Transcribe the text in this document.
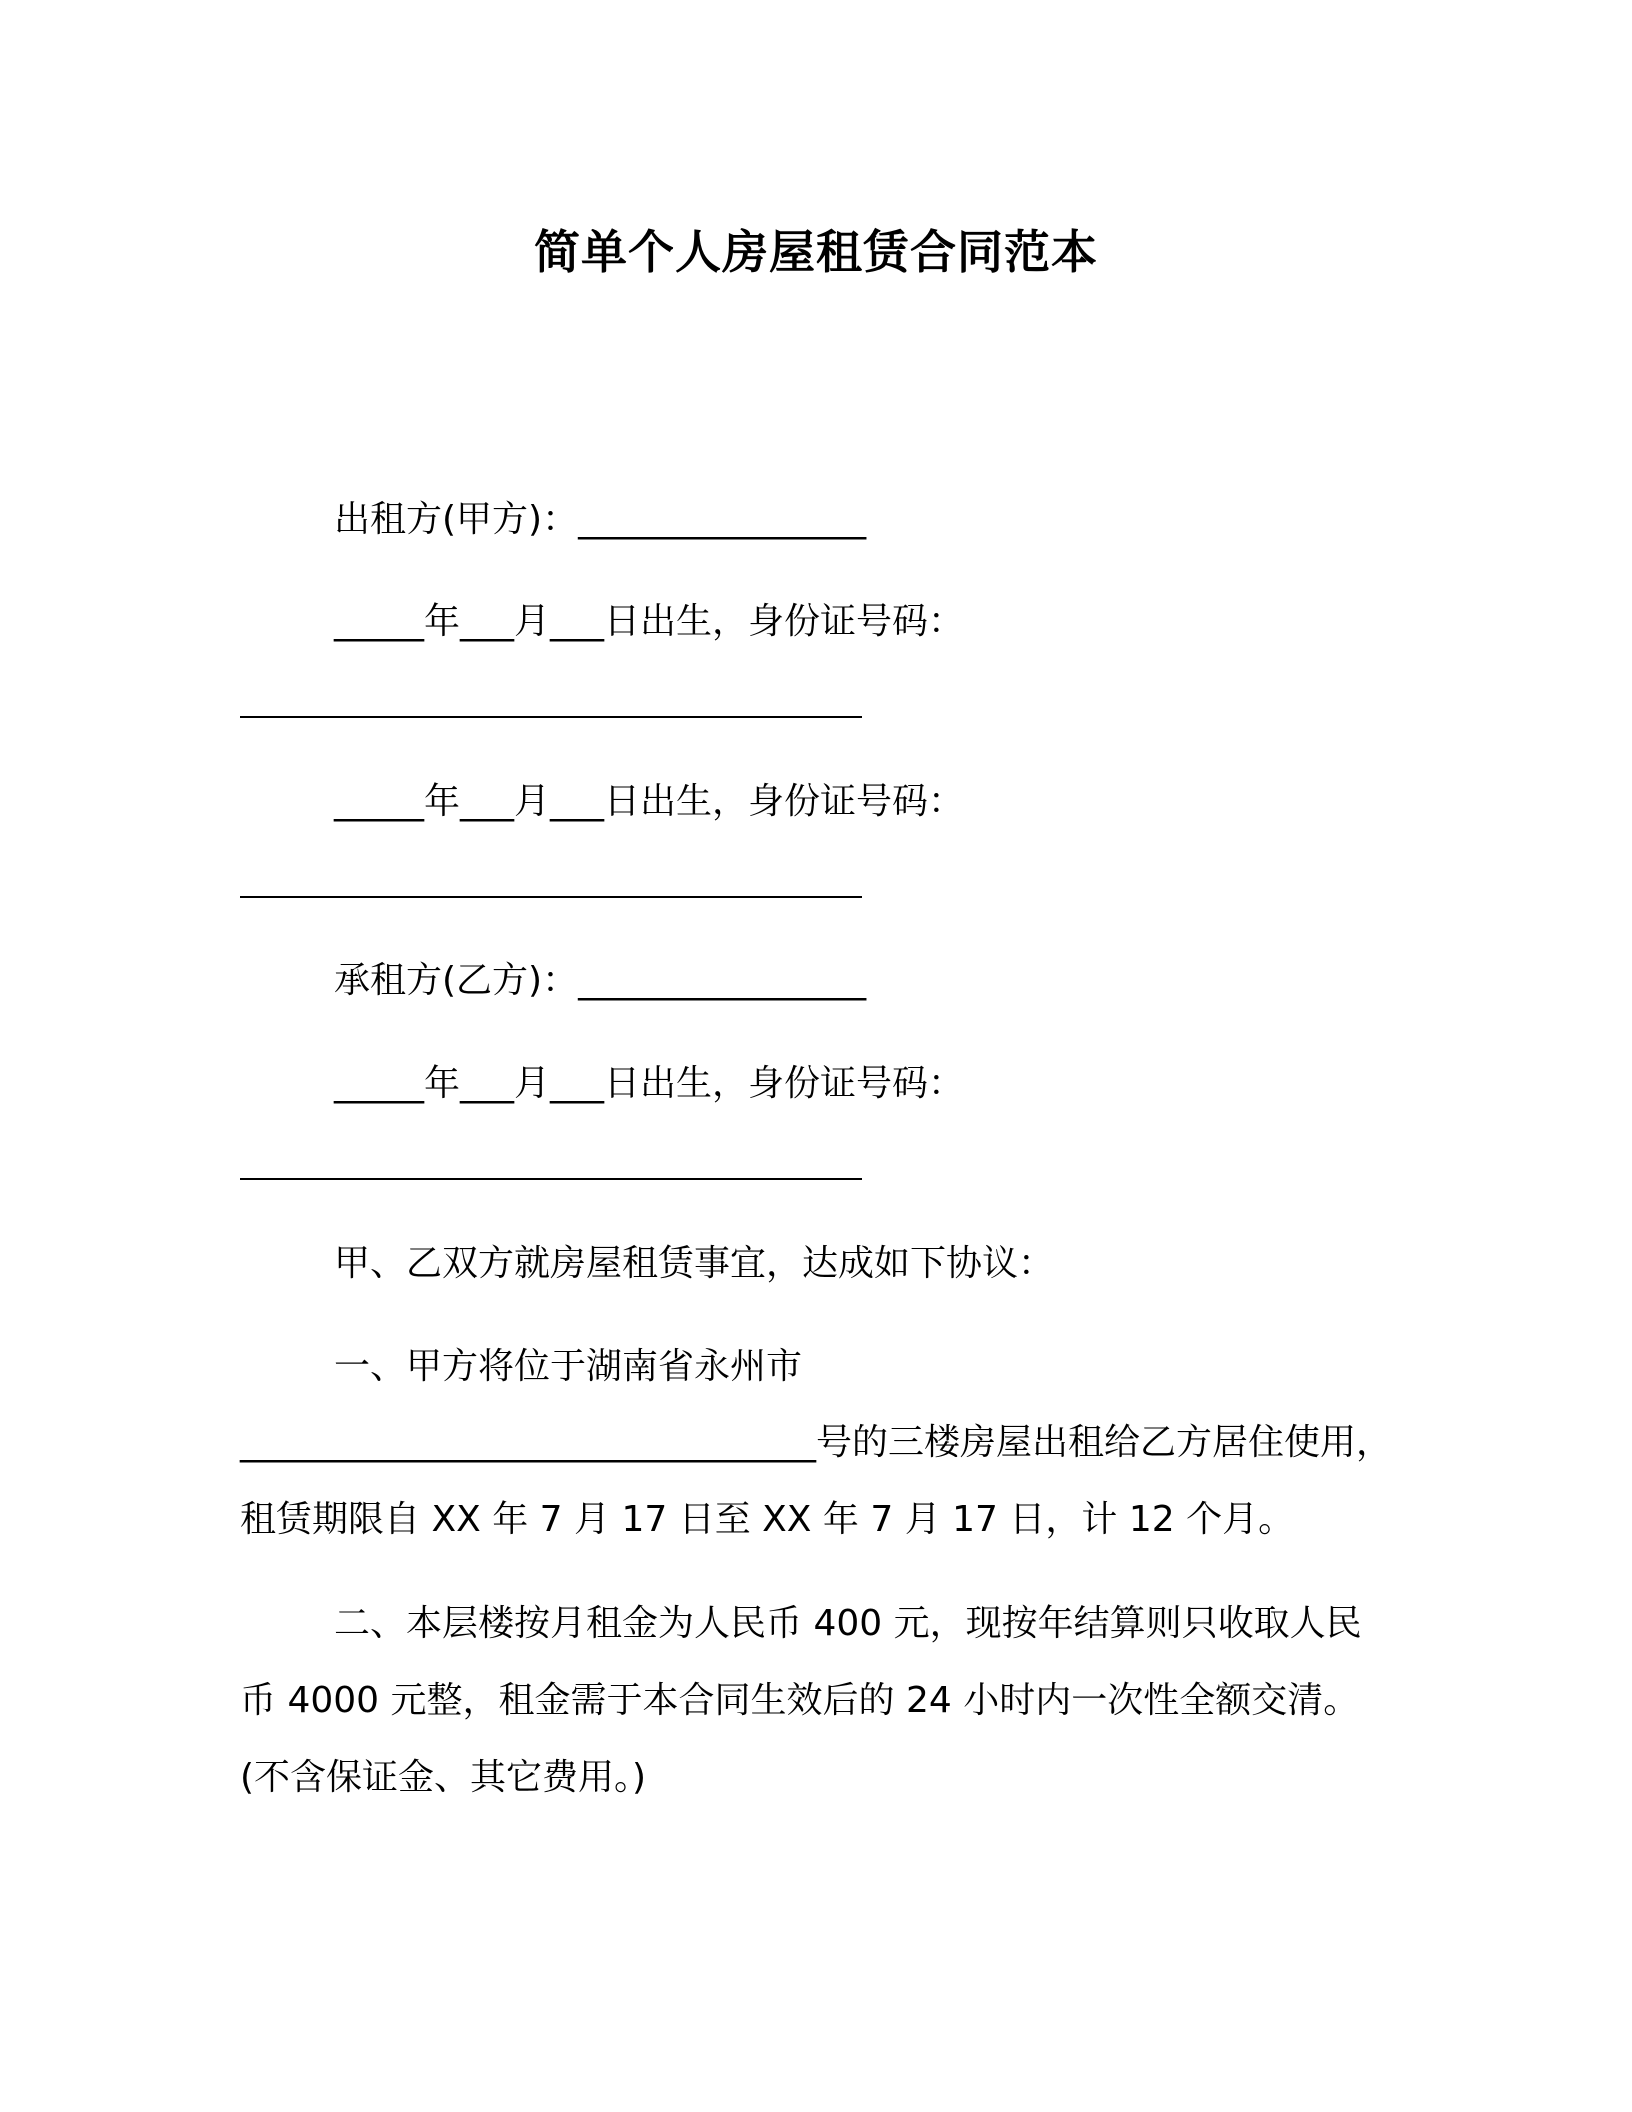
简单个人房屋租赁合同范本
出租方(甲方)：________________
_____年___月___日出生，身份证号码：
_____年___月___日出生，身份证号码：
承租方(乙方)：________________
_____年___月___日出生，身份证号码：
甲、乙双方就房屋租赁事宜，达成如下协议：
一、甲方将位于湖南省永州市
________________________________号的三楼房屋出租给乙方居住使用，
租赁期限自 XX 年 7 月 17 日至 XX 年 7 月 17 日，计 12 个月。
二、本层楼按月租金为人民币 400 元，现按年结算则只收取人民
币 4000 元整，租金需于本合同生效后的 24 小时内一次性全额交清。
(不含保证金、其它费用。)
